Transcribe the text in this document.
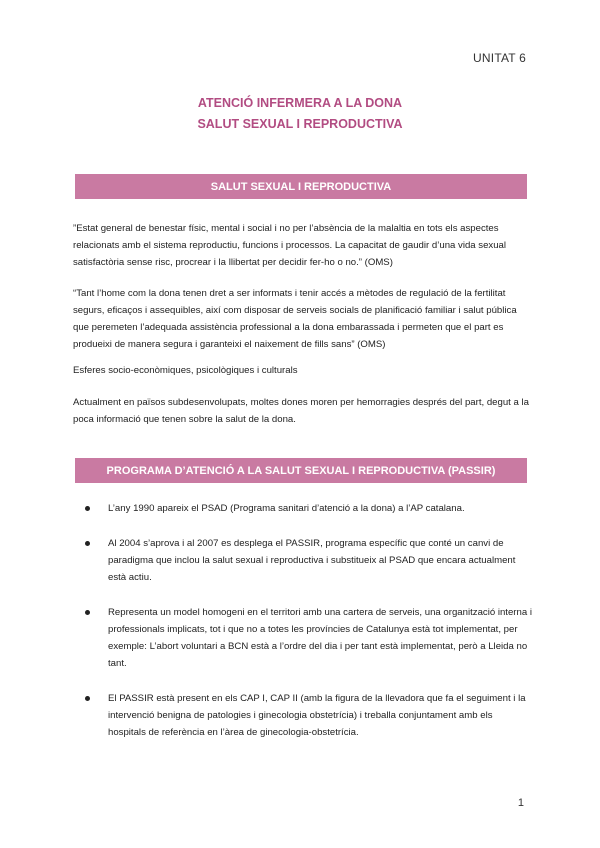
UNITAT 6
ATENCIÓ INFERMERA A LA DONA
SALUT SEXUAL I REPRODUCTIVA
SALUT SEXUAL I REPRODUCTIVA
”Estat general de benestar físic, mental i social i no per l’absència de la malaltia en tots els aspectes relacionats amb el sistema reproductiu, funcions i processos. La capacitat de gaudir d’una vida sexual satisfactòria sense risc, procrear i la llibertat per decidir fer-ho o no.” (OMS)
“Tant l’home com la dona tenen dret a ser informats i tenir accés a mètodes de regulació de la fertilitat segurs, eficaços i assequibles, així com disposar de serveis socials de planificació familiar i salut pública que peremeten l’adequada assistència professional a la dona embarassada i permeten que el part es produeixi de manera segura i garanteixi el naixement de fills sans” (OMS)
Esferes socio-econòmiques, psicològiques i culturals
Actualment en països subdesenvolupats, moltes dones moren per hemorragies després del part, degut a la poca informació que tenen sobre la salut de la dona.
PROGRAMA D’ATENCIÓ A LA SALUT SEXUAL I REPRODUCTIVA (PASSIR)
L’any 1990 apareix el PSAD (Programa sanitari d’atenció a la dona) a l’AP catalana.
Al 2004 s’aprova i al 2007 es desplega el PASSIR, programa específic que conté un canvi de paradigma que inclou la salut sexual i reproductiva i substitueix al PSAD que encara actualment està actiu.
Representa un model homogeni en el territori amb una cartera de serveis, una organització interna i professionals implicats, tot i que no a totes les províncies de Catalunya està tot implementat, per exemple: L’abort voluntari a BCN està a l’ordre del dia i per tant està implementat, però a Lleida no tant.
El PASSIR està present en els CAP I, CAP II (amb la figura de la llevadora que fa el seguiment i la intervenció benigna de patologies i ginecologia obstetrícia) i treballa conjuntament amb els hospitals de referència en l’àrea de ginecologia-obstetrícia.
1
